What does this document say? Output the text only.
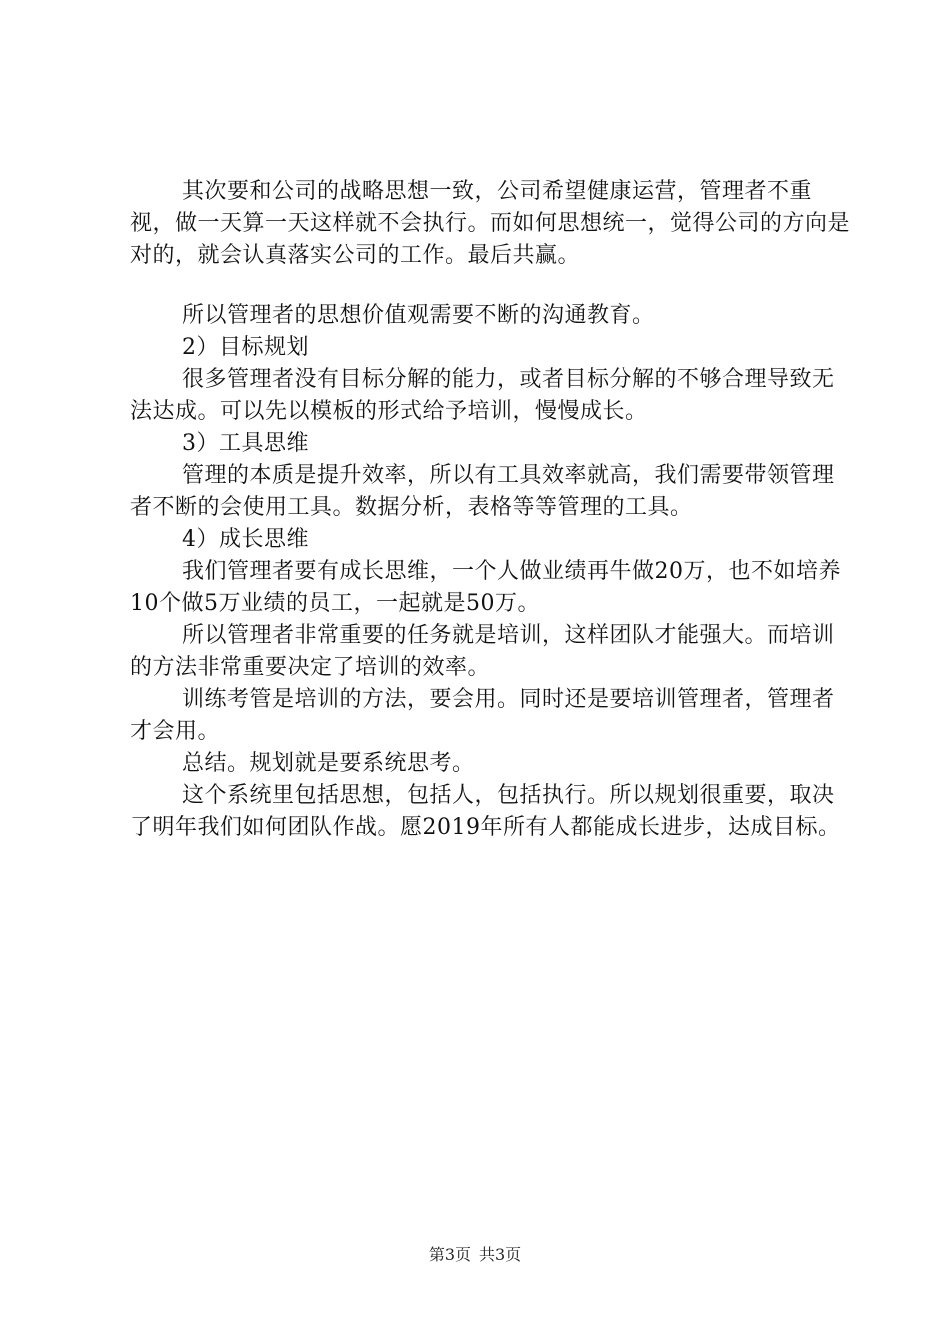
其次要和公司的战略思想一致，公司希望健康运营，管理者不重视，做一天算一天这样就不会执行。而如何思想统一，觉得公司的方向是对的，就会认真落实公司的工作。最后共赢。

所以管理者的思想价值观需要不断的沟通教育。

2）目标规划

很多管理者没有目标分解的能力，或者目标分解的不够合理导致无法达成。可以先以模板的形式给予培训，慢慢成长。

3）工具思维

管理的本质是提升效率，所以有工具效率就高，我们需要带领管理者不断的会使用工具。数据分析，表格等等管理的工具。

4）成长思维

我们管理者要有成长思维，一个人做业绩再牛做20万，也不如培养10个做5万业绩的员工，一起就是50万。

所以管理者非常重要的任务就是培训，这样团队才能强大。而培训的方法非常重要决定了培训的效率。

训练考管是培训的方法，要会用。同时还是要培训管理者，管理者才会用。

总结。规划就是要系统思考。

这个系统里包括思想，包括人，包括执行。所以规划很重要，取决了明年我们如何团队作战。愿2019年所有人都能成长进步，达成目标。

第3页 共3页
